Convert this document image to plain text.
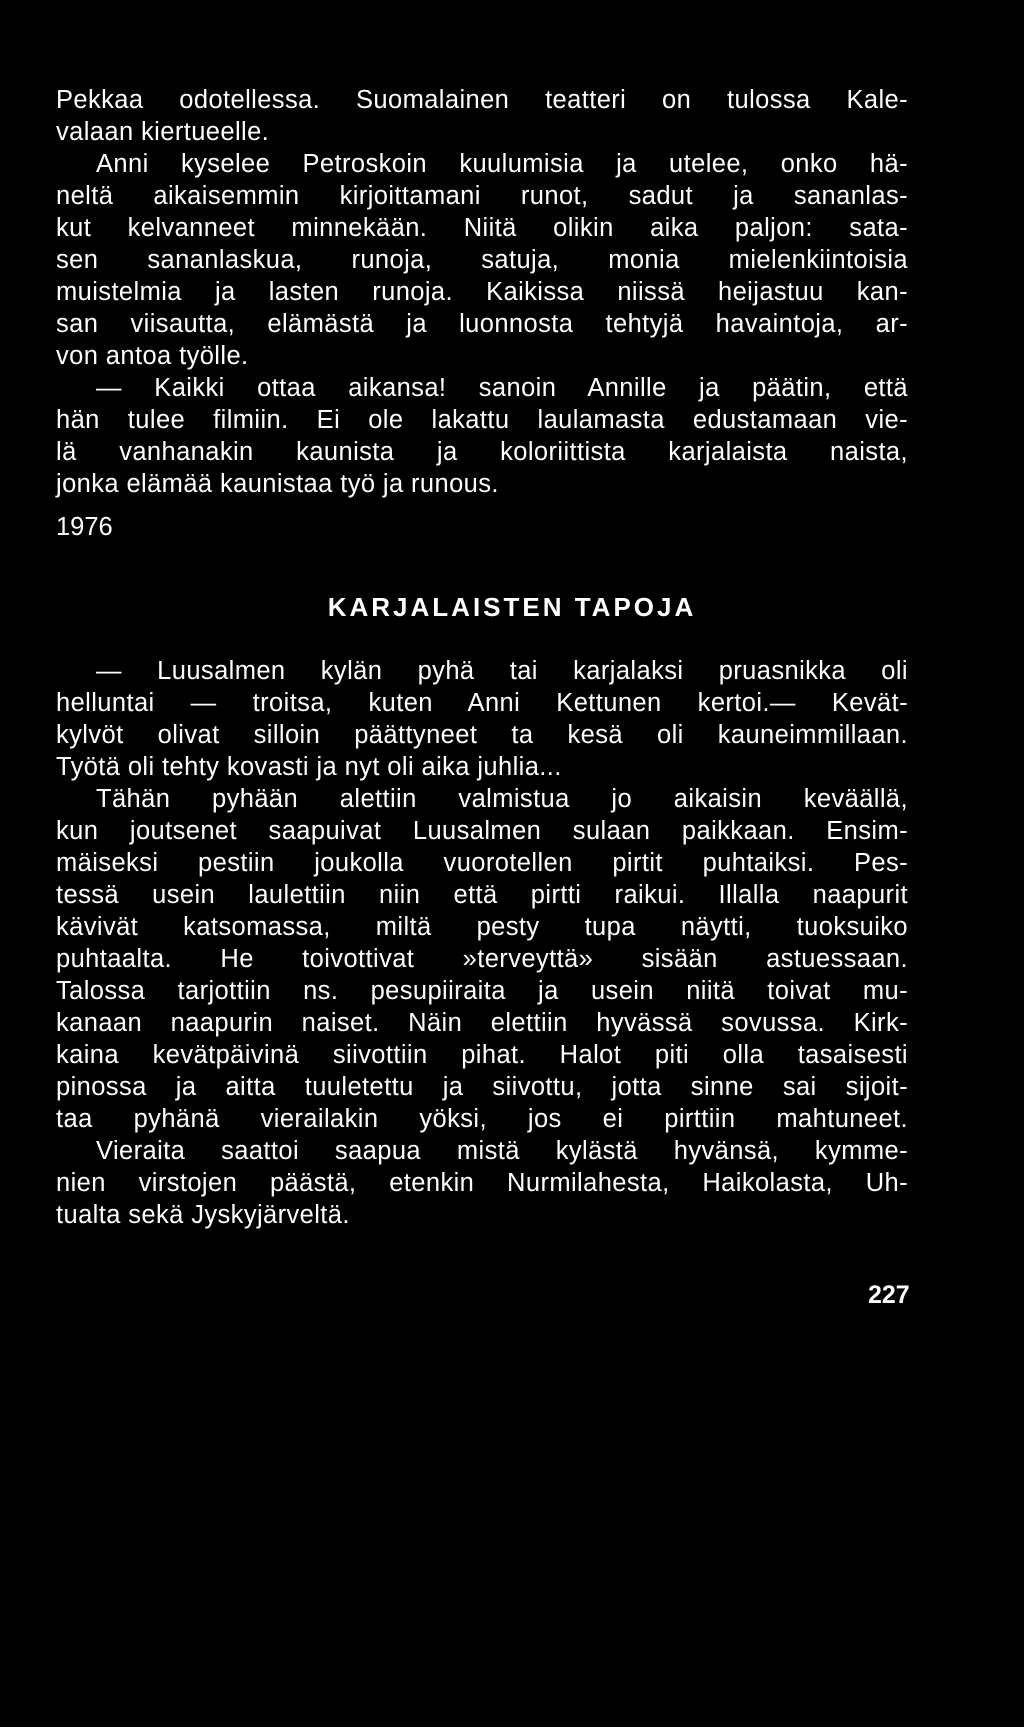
Pekkaa odotellessa. Suomalainen teatteri on tulossa Kale-
valaan kiertueelle.
Anni kyselee Petroskoin kuulumisia ja utelee, onko hä-
neltä aikaisemmin kirjoittamani runot, sadut ja sananlas-
kut kelvanneet minnekään. Niitä olikin aika paljon: sata-
sen sananlaskua, runoja, satuja, monia mielenkiintoisia
muistelmia ja lasten runoja. Kaikissa niissä heijastuu kan-
san viisautta, elämästä ja luonnosta tehtyjä havaintoja, ar-
von antoa työlle.
— Kaikki ottaa aikansa! sanoin Annille ja päätin, että
hän tulee filmiin. Ei ole lakattu laulamasta edustamaan vie-
lä vanhanakin kaunista ja koloriittista karjalaista naista,
jonka elämää kaunistaa työ ja runous.
1976
KARJALAISTEN TAPOJA
— Luusalmen kylän pyhä tai karjalaksi pruasnikka oli
helluntai — troitsa, kuten Anni Kettunen kertoi.— Kevät-
kylvöt olivat silloin päättyneet ta kesä oli kauneimmillaan.
Työtä oli tehty kovasti ja nyt oli aika juhlia...
Tähän pyhään alettiin valmistua jo aikaisin keväällä,
kun joutsenet saapuivat Luusalmen sulaan paikkaan. Ensim-
mäiseksi pestiin joukolla vuorotellen pirtit puhtaiksi. Pes-
tessä usein laulettiin niin että pirtti raikui. Illalla naapurit
kävivät katsomassa, miltä pesty tupa näytti, tuoksuiko
puhtaalta. He toivottivat »terveyttä» sisään astuessaan.
Talossa tarjottiin ns. pesupiiraita ja usein niitä toivat mu-
kanaan naapurin naiset. Näin elettiin hyvässä sovussa. Kirk-
kaina kevätpäivinä siivottiin pihat. Halot piti olla tasaisesti
pinossa ja aitta tuuletettu ja siivottu, jotta sinne sai sijoit-
taa pyhänä vierailakin yöksi, jos ei pirttiin mahtuneet.
Vieraita saattoi saapua mistä kylästä hyvänsä, kymme-
nien virstojen päästä, etenkin Nurmilahesta, Haikolasta, Uh-
tualta sekä Jyskyjärveltä.
227
